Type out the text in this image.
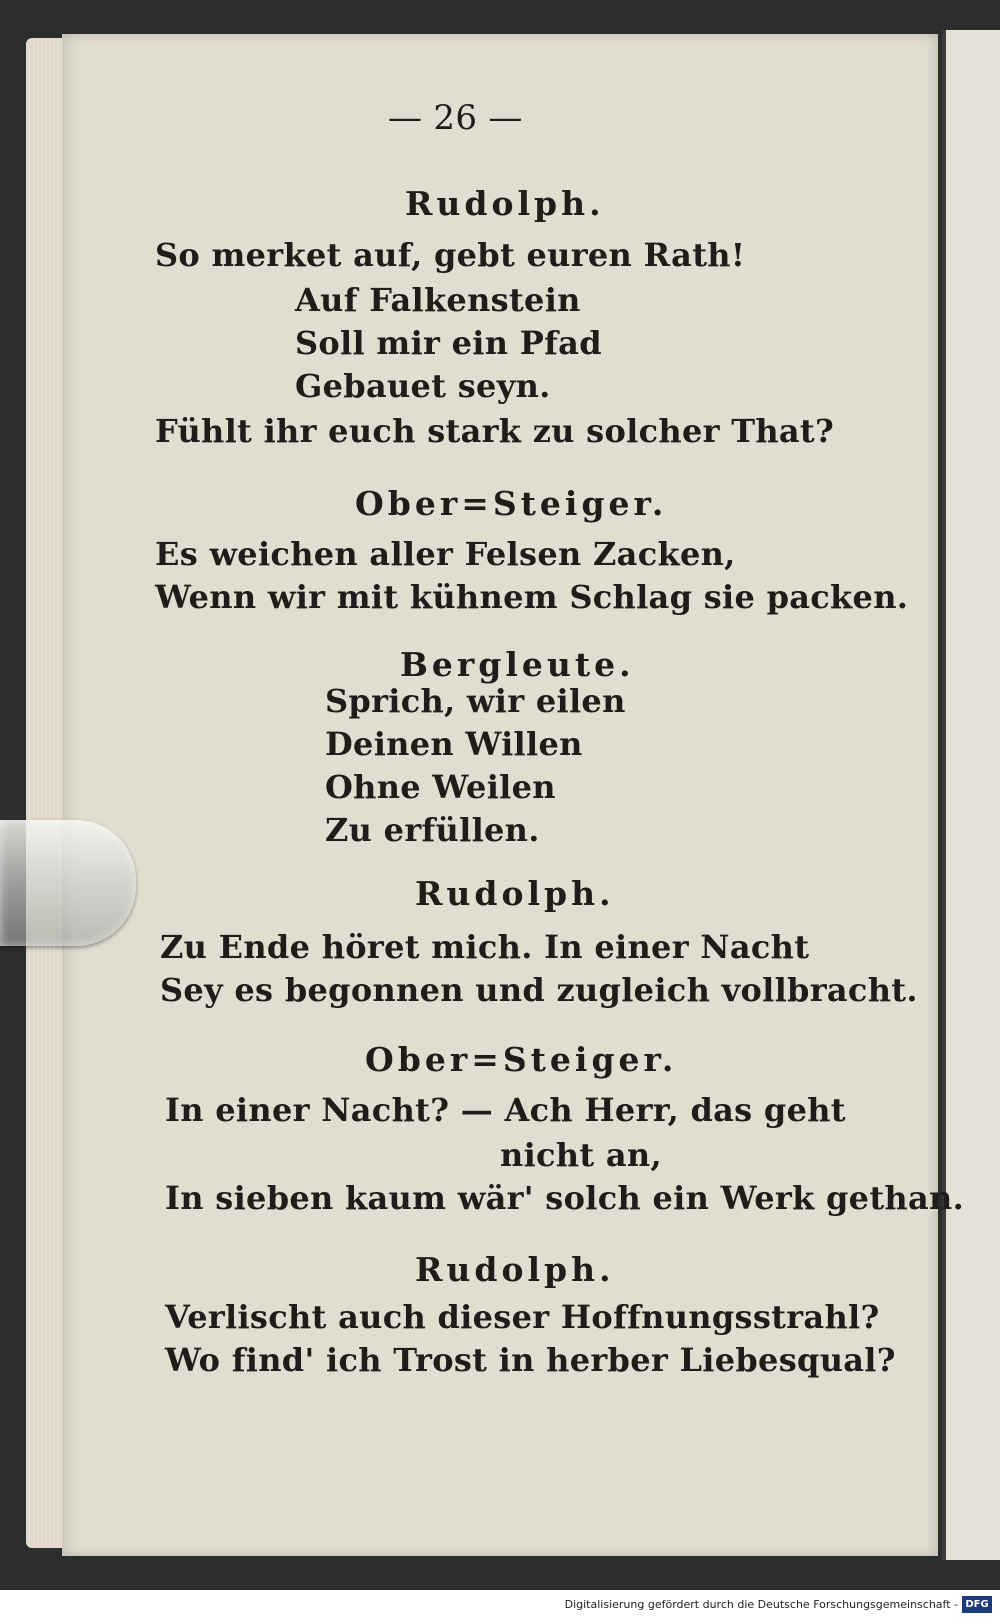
— 26 —
Rudolph.
So merket auf, gebt euren Rath!
Auf Falkenstein
Soll mir ein Pfad
Gebauet seyn.
Fühlt ihr euch stark zu solcher That?
Ober=Steiger.
Es weichen aller Felsen Zacken,
Wenn wir mit kühnem Schlag sie packen.
Bergleute.
Sprich, wir eilen
Deinen Willen
Ohne Weilen
Zu erfüllen.
Rudolph.
Zu Ende höret mich. In einer Nacht
Sey es begonnen und zugleich vollbracht.
Ober=Steiger.
In einer Nacht? — Ach Herr, das geht
nicht an,
In sieben kaum wär' solch ein Werk gethan.
Rudolph.
Verlischt auch dieser Hoffnungsstrahl?
Wo find' ich Trost in herber Liebesqual?
Digitalisierung gefördert durch die Deutsche Forschungsgemeinschaft - DFG
